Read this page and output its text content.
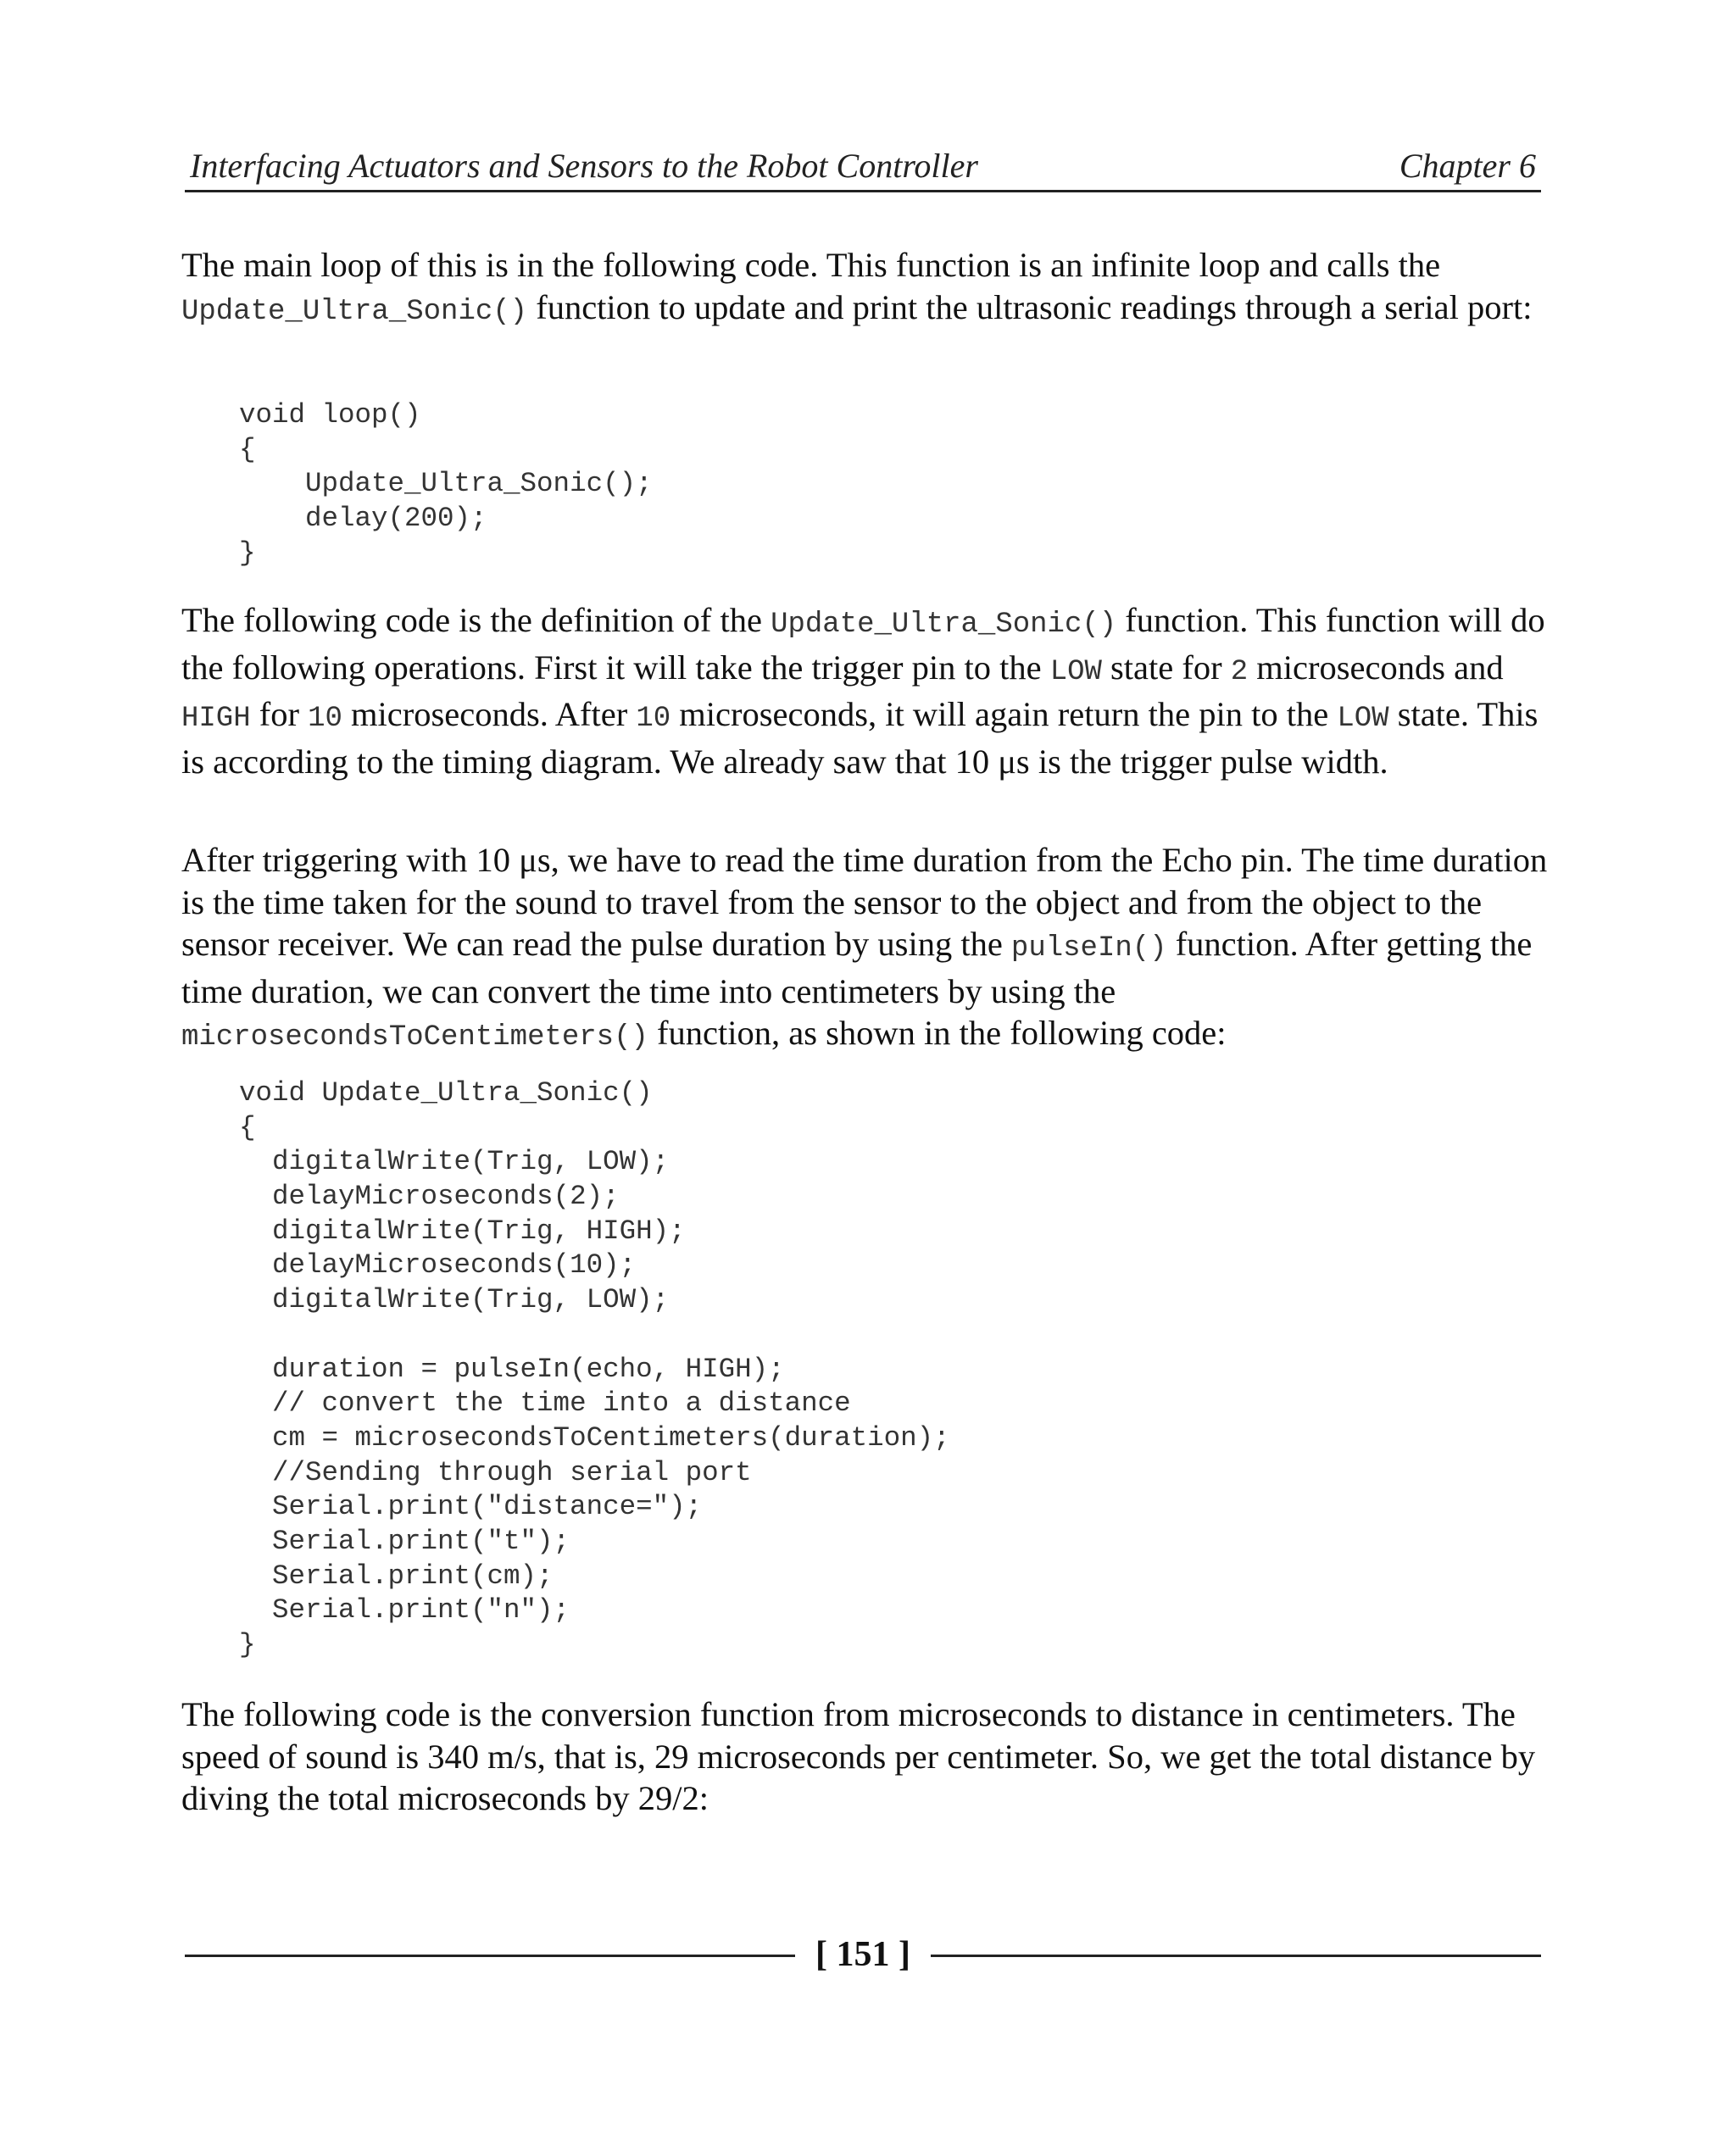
Interfacing Actuators and Sensors to the Robot Controller	Chapter 6

The main loop of this is in the following code. This function is an infinite loop and calls the Update_Ultra_Sonic() function to update and print the ultrasonic readings through a serial port:

void loop()
{
Update_Ultra_Sonic();
delay(200);
}

The following code is the definition of the Update_Ultra_Sonic() function. This function will do the following operations. First it will take the trigger pin to the LOW state for 2 microseconds and HIGH for 10 microseconds. After 10 microseconds, it will again return the pin to the LOW state. This is according to the timing diagram. We already saw that 10 μs is the trigger pulse width.

After triggering with 10 μs, we have to read the time duration from the Echo pin. The time duration is the time taken for the sound to travel from the sensor to the object and from the object to the sensor receiver. We can read the pulse duration by using the pulseIn() function. After getting the time duration, we can convert the time into centimeters by using the microsecondsToCentimeters() function, as shown in the following code:

void Update_Ultra_Sonic()
{
digitalWrite(Trig, LOW);
delayMicroseconds(2);
digitalWrite(Trig, HIGH);
delayMicroseconds(10);
digitalWrite(Trig, LOW);
duration = pulseIn(echo, HIGH);
// convert the time into a distance
cm = microsecondsToCentimeters(duration);
//Sending through serial port
Serial.print("distance=");
Serial.print("t");
Serial.print(cm);
Serial.print("n");
}

The following code is the conversion function from microseconds to distance in centimeters. The speed of sound is 340 m/s, that is, 29 microseconds per centimeter. So, we get the total distance by diving the total microseconds by 29/2:

[ 151 ]
